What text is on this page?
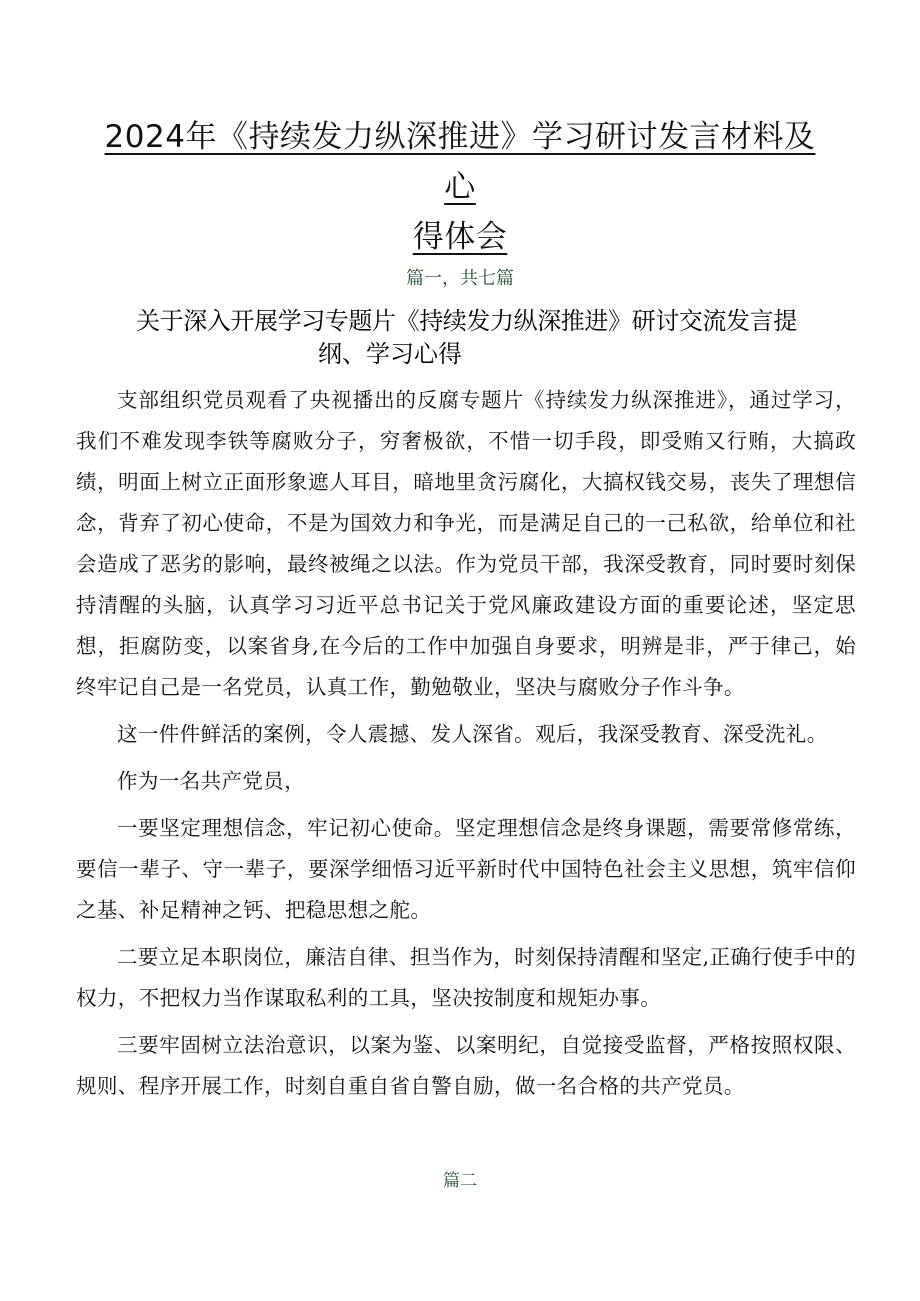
2024年《持续发力纵深推进》学习研讨发言材料及心
得体会
篇一，共七篇
关于深入开展学习专题片《持续发力纵深推进》研讨交流发言提
纲、学习心得

支部组织党员观看了央视播出的反腐专题片《持续发力纵深推进》，通过学习，我们不难发现李铁等腐败分子，穷奢极欲，不惜一切手段，即受贿又行贿，大搞政绩，明面上树立正面形象遮人耳目，暗地里贪污腐化，大搞权钱交易，丧失了理想信念，背弃了初心使命，不是为国效力和争光，而是满足自己的一己私欲，给单位和社会造成了恶劣的影响，最终被绳之以法。作为党员干部，我深受教育，同时要时刻保持清醒的头脑，认真学习习近平总书记关于党风廉政建设方面的重要论述，坚定思想，拒腐防变，以案省身,在今后的工作中加强自身要求，明辨是非，严于律己，始终牢记自己是一名党员，认真工作，勤勉敬业，坚决与腐败分子作斗争。

这一件件鲜活的案例，令人震撼、发人深省。观后，我深受教育、深受洗礼。

作为一名共产党员，

一要坚定理想信念，牢记初心使命。坚定理想信念是终身课题，需要常修常练，要信一辈子、守一辈子，要深学细悟习近平新时代中国特色社会主义思想，筑牢信仰之基、补足精神之钙、把稳思想之舵。

二要立足本职岗位，廉洁自律、担当作为，时刻保持清醒和坚定,正确行使手中的权力，不把权力当作谋取私利的工具，坚决按制度和规矩办事。

三要牢固树立法治意识，以案为鉴、以案明纪，自觉接受监督，严格按照权限、规则、程序开展工作，时刻自重自省自警自励，做一名合格的共产党员。

篇二
